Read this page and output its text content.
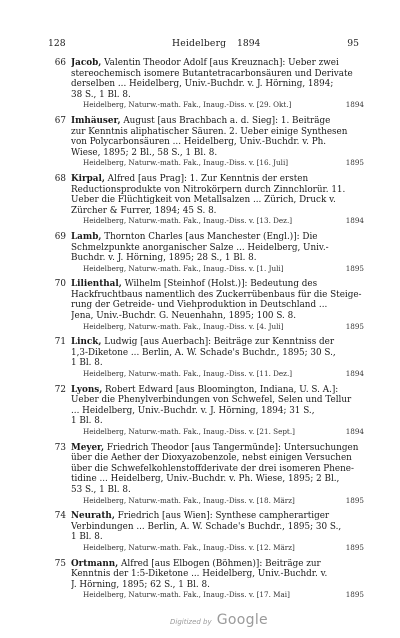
128	Heidelberg 1894	95
66 Jacob, Valentin Theodor Adolf [aus Kreuznach]: Ueber zwei
stereochemisch isomere Butantetracarbonsäuren und Derivate
derselben ... Heidelberg, Univ.-Buchdr. v. J. Hörning, 1894;
38 S., 1 Bl. 8.
1894
Heidelberg, Naturw.-math. Fak., Inaug.-Diss. v. [29. Okt.]
67 Imhäuser, August [aus Brachbach a. d. Sieg]: 1. Beiträge
zur Kenntnis aliphatischer Säuren. 2. Ueber einige Synthesen
von Polycarbonsäuren ... Heidelberg, Univ.-Buchdr. v. Ph.
Wiese, 1895; 2 Bl., 58 S., 1 Bl. 8.
1895
Heidelberg, Naturw.-math. Fak., Inaug.-Diss. v. [16. Juli]
68 Kirpal, Alfred [aus Prag]: 1. Zur Kenntnis der ersten
Reductionsprodukte von Nitrokörpern durch Zinnchlorür. 11.
Ueber die Flüchtigkeit von Metallsalzen ... Zürich, Druck v.
Zürcher & Furrer, 1894; 45 S. 8.
1894
Heidelberg, Naturw.-math. Fak., Inaug.-Diss. v. [13. Dez.]
69 Lamb, Thornton Charles [aus Manchester (Engl.)]: Die
Schmelzpunkte anorganischer Salze ... Heidelberg, Univ.-
Buchdr. v. J. Hörning, 1895; 28 S., 1 Bl. 8.
1895
Heidelberg, Naturw.-math. Fak., Inaug.-Diss. v. [1. Juli]
70 Lilienthal, Wilhelm [Steinhof (Holst.)]: Bedeutung des
Hackfruchtbaus namentlich des Zuckerrübenbaus für die Steige-
rung der Getreide- und Viehproduktion in Deutschland ...
Jena, Univ.-Buchdr. G. Neuenhahn, 1895; 100 S. 8.
1895
Heidelberg, Naturw.-math. Fak., Inaug.-Diss. v. [4. Juli]
71 Linck, Ludwig [aus Auerbach]: Beiträge zur Kenntniss der
1,3-Diketone ... Berlin, A. W. Schade's Buchdr., 1895; 30 S.,
1 Bl. 8.
1894
Heidelberg, Naturw.-math. Fak., Inaug.-Diss. v. [11. Dez.]
72 Lyons, Robert Edward [aus Bloomington, Indiana, U. S. A.]:
Ueber die Phenylverbindungen von Schwefel, Selen und Tellur
... Heidelberg, Univ.-Buchdr. v. J. Hörning, 1894; 31 S.,
1 Bl. 8.
1894
Heidelberg, Naturw.-math. Fak., Inaug.-Diss. v. [21. Sept.]
73 Meyer, Friedrich Theodor [aus Tangermünde]: Untersuchungen
über die Aether der Dioxyazobenzole, nebst einigen Versuchen
über die Schwefelkohlenstoffderivate der drei isomeren Phene-
tidine ... Heidelberg, Univ.-Buchdr. v. Ph. Wiese, 1895; 2 Bl.,
53 S., 1 Bl. 8.
1895
Heidelberg, Naturw.-math. Fak., Inaug.-Diss. v. [18. März]
74 Neurath, Friedrich [aus Wien]: Synthese campherartiger
Verbindungen ... Berlin, A. W. Schade's Buchdr., 1895; 30 S.,
1 Bl. 8.
1895
Heidelberg, Naturw.-math. Fak., Inaug.-Diss. v. [12. März]
75 Ortmann, Alfred [aus Elbogen (Böhmen)]: Beiträge zur
Kenntnis der 1:5-Diketone ... Heidelberg, Univ.-Buchdr. v.
J. Hörning, 1895; 62 S., 1 Bl. 8.
1895
Heidelberg, Naturw.-math. Fak., Inaug.-Diss. v. [17. Mai]
Digitized by Google
